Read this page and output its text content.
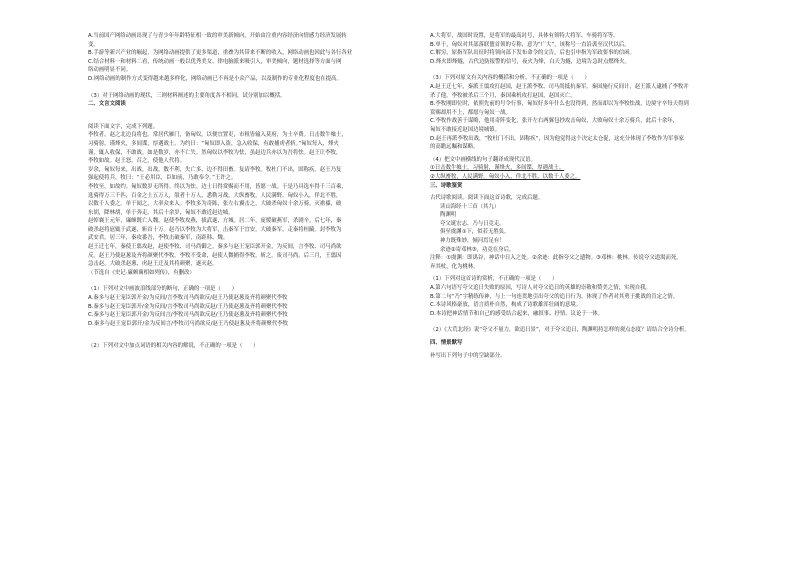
A.当前国产网络动画出现了与青少年年龄特征相一致的审美新倾向，开始由注重内容经济向情感力经济发展转

变。

B.手游等新兴产业的崛起，为网络动画提供了更多渠道，重叠为其带来不断的收入，网络动画也因此与各行各业

C.结合材料一和材料二看，传统动画一般以优秀美女、律电脑派来吸引人，审美倾向，题材选择等方面与网

络动画明显不同。

D.网络动画的制作方式变得越来越多样化，网络动画已不再是小众产品，以及制作的专业化程度也在提高。

（3）对于网络动画的现状，三则材料阐述的主要角度各不相同，试分别加以概括。

二、文言文阅读

阅读下面文字，完成下列题。

李牧者，赵之北边良将也。常居代雁门，备匈奴。以便宜置吏，市租皆输入莫府，为士卒费。日击数牛飨士，

习骑射，谨烽火，多间谍，厚遇战士。为约曰：“匈奴即入盗，急入收保，有敢捕虏者斩。”匈奴每入，烽火

谨，辄入收保，不敢战。如是数岁，亦不亡失。然匈奴以李牧为怯，虽赵边兵亦以为吾将怯。赵王让李牧，

李牧如故。赵王怒，召之，使他人代将。

岁余，匈奴每来，出战。出战，数不利，失亡多，边不得田畜。复请李牧。牧杜门不出，固称疾。赵王乃复

强起使将兵。牧曰：“王必用臣，臣如前，乃敢奉令。”王许之。

李牧至，如故约。匈奴数岁无所得。终以为怯。边士日得赏赐而不用，皆愿一战。于是乃具选车得千三百乘，

选骑得万三千匹，百金之士五万人，彀者十万人，悉勒习战。大纵畜牧，人民满野。匈奴小入，佯北不胜，

以数千人委之。单于闻之，大率众来入。李牧多为奇陈，张左右翼击之，大破杀匈奴十余万骑。灭襜褴，破

东胡，降林胡，单于奔走。其后十余岁，匈奴不敢近赵边城。

赵悼襄王元年，廉颇既亡入魏，赵使李牧攻燕，拔武遂、方城。居二年，庞煖破燕军，杀剧辛。后七年，秦

破杀赵将扈辄于武遂，斩首十万。赵乃以李牧为大将军，击秦军于宜安，大破秦军，走秦将桓齮。封李牧为

武安君。居三年，秦攻番吾，李牧击破秦军，南距韩、魏。

赵王迁七年，秦使王翦攻赵，赵使李牧、司马尚御之。秦多与赵王宠臣郭开金，为反间，言李牧、司马尚欲

反。赵王乃使赵葱及齐将颜聚代李牧。李牧不受命，赵使人微捕得李牧，斩之。废司马尚。后三月，王翦因

急击赵，大破杀赵葱，虏赵王迁及其将颜聚，遂灭赵。

（节选自《史记·廉颇蔺相如列传》，有删改）

（1）下列对文中画波浪线部分的断句，正确的一项是（　　）

A.秦多与赵王宠臣郭开金/为反间/言李牧司马尚欲反/赵王乃使赵葱及齐将颜聚代李牧

B.秦多与赵王宠臣郭开/金为反间/言李牧司马尚欲反赵/王乃使赵葱及齐将颜聚代李牧

C.秦多与赵王宠臣郭开金/为反间言/李牧司马尚欲反赵/王乃使赵葱及齐将颜聚代李牧

D.秦多与赵王宠臣郭开/金为反间言/李牧司马尚欲反/赵王乃使赵葱及齐将颜聚代李牧

（2）下列对文中加点词语的相关内容的解说，不正确的一项是（　　）

A.大将军，战国时设置，是将军的最高封号，具体有领特大将军、车骑将军等。

B.单于，匈奴对其部落联盟首领的专称，意为“广大”，该称号一直沿袭至汉代以后。

C.解穷，原指军队出征时将领向部下发布命令的文告，后也引申指为军政要事的信函。

D.烽火即烽燧，古代边防报警的信号，夜火为烽，白天为燧，边境告急时点燃烽火。

（3）下列对原文有关内容的概括和分析，不正确的一项是（　　）

A.赵王迁七年，秦派王翦攻打赵国，赵王派李牧、司马尚抵抗秦军。秦国施行反间计，赵王派人逮捕了李牧并

杀了他。李牧被杀后三个月，秦国乘机攻打赵国，赵国灭亡。

B.李牧刚即位时，依照先前的号令行事，匈奴好多年什么也没得到，然而却以为李牧怯战，边境守卒每天得到

赏赐却用不上，都愿与匈奴一战。

C.李牧作战善于谋略，他用奇阵变化，张开左右两翼包抄攻击匈奴，大败匈奴十余万骑兵，此后十余年，

匈奴不敢接近赵国边境城镇。

D.赵王再派李牧出战，“牧杜门不出，固称疾”，因为他觉得这个决定太仓促，这充分体现了李牧作为军事家

的高瞻远瞩和谋略。

（4）把文中画横线的句子翻译成现代汉语。

①日击数牛飨士，习骑射，谨烽火，多间谍，厚遇战士。

②大纵畜牧，人民满野。匈奴小入，佯北不胜，以数千人委之。

三、诗歌鉴赏

古代诗歌阅读。阅读下面这首诗歌，完成后题。

读山海经十三首（其九）

陶渊明

夸父诞宏志，乃与日竞走。

俱至虞渊①下，似若无胜负。

神力既殊妙，倾河焉足有！

余迹②寄邓林③，功竟在身后。

注释：①虞渊：即禺谷，神话中日入之处。②余迹：此指夸父之遗物。③邓林：桃林。传说夸父道渴而死，

弃其杖，化为桃林。

（1）下列对这首诗的赏析，不正确的一项是（　　）

A.第六句语写夸父追日失败的原因，写诗人对夸父追日的英雄的崇敬和赞美之情，实现自我。

B.第二句“乃”字精练传神，与上一句连贯地引出夸父的追日行为，体现了作者对其勇于挑战的肯定之情。

C.本诗风格豪放，语言质朴自然，构成了诗歌雄浑壮阔的意境。

D.本诗把神话情节和自己的感受结合起来，融叙事、抒情、议论于一体。

（2）《大荒北经》说“夸父不量力，欲追日景”，对于夸父追日，陶渊明持怎样的观点态度？请结合全诗分析。

四、情景默写

补写出下列句子中的空缺部分。
